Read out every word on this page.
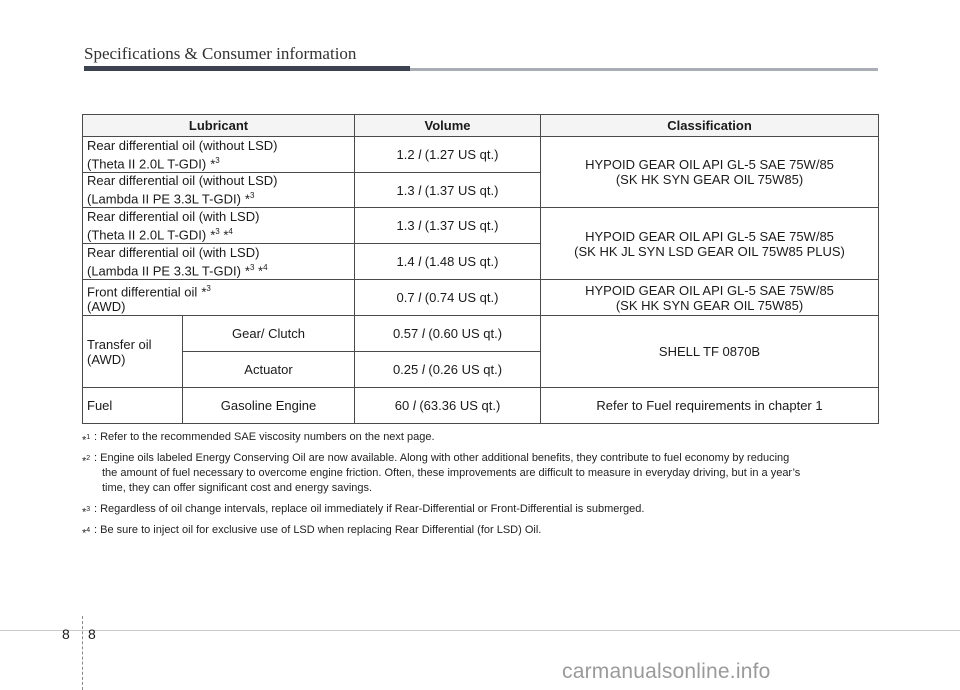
Specifications & Consumer information
Lubricant		Volume	Classification

Rear differential oil (without LSD)
(Theta II 2.0L T-GDI) *$^3$		1.2 l (1.27 US qt.)	HYPOID GEAR OIL API GL-5 SAE 75W/85
(SK HK SYN GEAR OIL 75W85)

Rear differential oil (without LSD)
(Lambda II PE 3.3L T-GDI) *$^3$		1.3 l (1.37 US qt.)	

Rear differential oil (with LSD)
(Theta II 2.0L T-GDI) *$^3$ *$^4$		1.3 l (1.37 US qt.)	HYPOID GEAR OIL API GL-5 SAE 75W/85
(SK HK JL SYN LSD GEAR OIL 75W85 PLUS)

Rear differential oil (with LSD)
(Lambda II PE 3.3L T-GDI) *$^3$ *$^4$		1.4 l (1.48 US qt.)	

Front differential oil *$^3$
(AWD)		0.7 l (0.74 US qt.)	HYPOID GEAR OIL API GL-5 SAE 75W/85
(SK HK SYN GEAR OIL 75W85)

Transfer oil
(AWD)	Gear/ Clutch	0.57 l (0.60 US qt.)	SHELL TF 0870B
	Actuator	0.25 l (0.26 US qt.)	
Fuel	Gasoline Engine	60 l (63.36 US qt.)	Refer to Fuel requirements in chapter 1
*$^1$ : Refer to the recommended SAE viscosity numbers on the next page.
*$^2$ : Engine oils labeled Energy Conserving Oil are now available. Along with other additional benefits, they contribute to fuel economy by reducing
the amount of fuel necessary to overcome engine friction. Often, these improvements are difficult to measure in everyday driving, but in a year’s
time, they can offer significant cost and energy savings.
*$^3$ : Regardless of oil change intervals, replace oil immediately if Rear-Differential or Front-Differential is submerged.
*$^4$ : Be sure to inject oil for exclusive use of LSD when replacing Rear Differential (for LSD) Oil.
8 8
carmanualsonline.info
